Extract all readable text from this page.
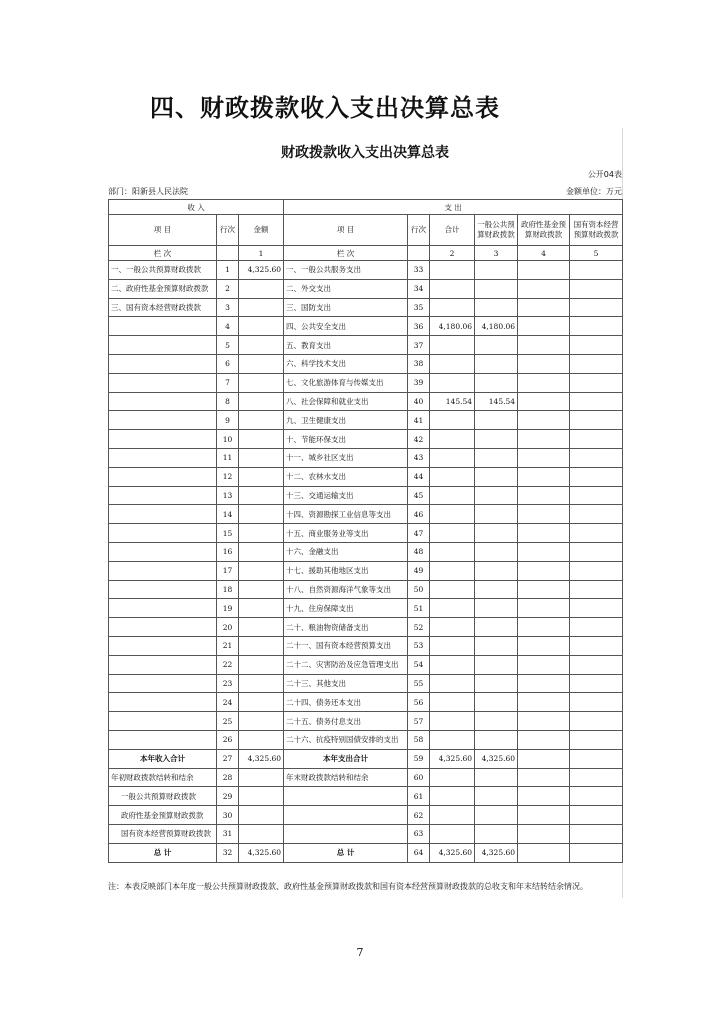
四、财政拨款收入支出决算总表
财政拨款收入支出决算总表
公开04表
部门：阳新县人民法院	金额单位：万元
收 入			支 出					
项 目	行次	金额	项 目	行次	合计	一般公共预算财政拨款	政府性基金预算财政拨款	国有资本经营预算财政拨款
栏 次		1	栏 次		2	3	4	5
一、一般公共预算财政拨款	1	4,325.60	一、一般公共服务支出	33				
二、政府性基金预算财政拨款	2		二、外交支出	34				
三、国有资本经营财政拨款	3		三、国防支出	35				
	4		四、公共安全支出	36	4,180.06	4,180.06		
	5		五、教育支出	37				
	6		六、科学技术支出	38				
	7		七、文化旅游体育与传媒支出	39				
	8		八、社会保障和就业支出	40	145.54	145.54		
	9		九、卫生健康支出	41				
	10		十、节能环保支出	42				
	11		十一、城乡社区支出	43				
	12		十二、农林水支出	44				
	13		十三、交通运输支出	45				
	14		十四、资源勘探工业信息等支出	46				
	15		十五、商业服务业等支出	47				
	16		十六、金融支出	48				
	17		十七、援助其他地区支出	49				
	18		十八、自然资源海洋气象等支出	50				
	19		十九、住房保障支出	51				
	20		二十、粮油物资储备支出	52				
	21		二十一、国有资本经营预算支出	53				
	22		二十二、灾害防治及应急管理支出	54				
	23		二十三、其他支出	55				
	24		二十四、债务还本支出	56				
	25		二十五、债务付息支出	57				
	26		二十六、抗疫特别国债安排的支出	58				
本年收入合计	27	4,325.60	本年支出合计	59	4,325.60	4,325.60		
年初财政拨款结转和结余	28		年末财政拨款结转和结余	60				
一般公共预算财政拨款	29			61				
政府性基金预算财政拨款	30			62				
国有资本经营预算财政拨款	31			63				
总 计	32	4,325.60	总 计	64	4,325.60	4,325.60		
注：本表反映部门本年度一般公共预算财政拨款、政府性基金预算财政拨款和国有资本经营预算财政拨款的总收支和年末结转结余情况。
7
